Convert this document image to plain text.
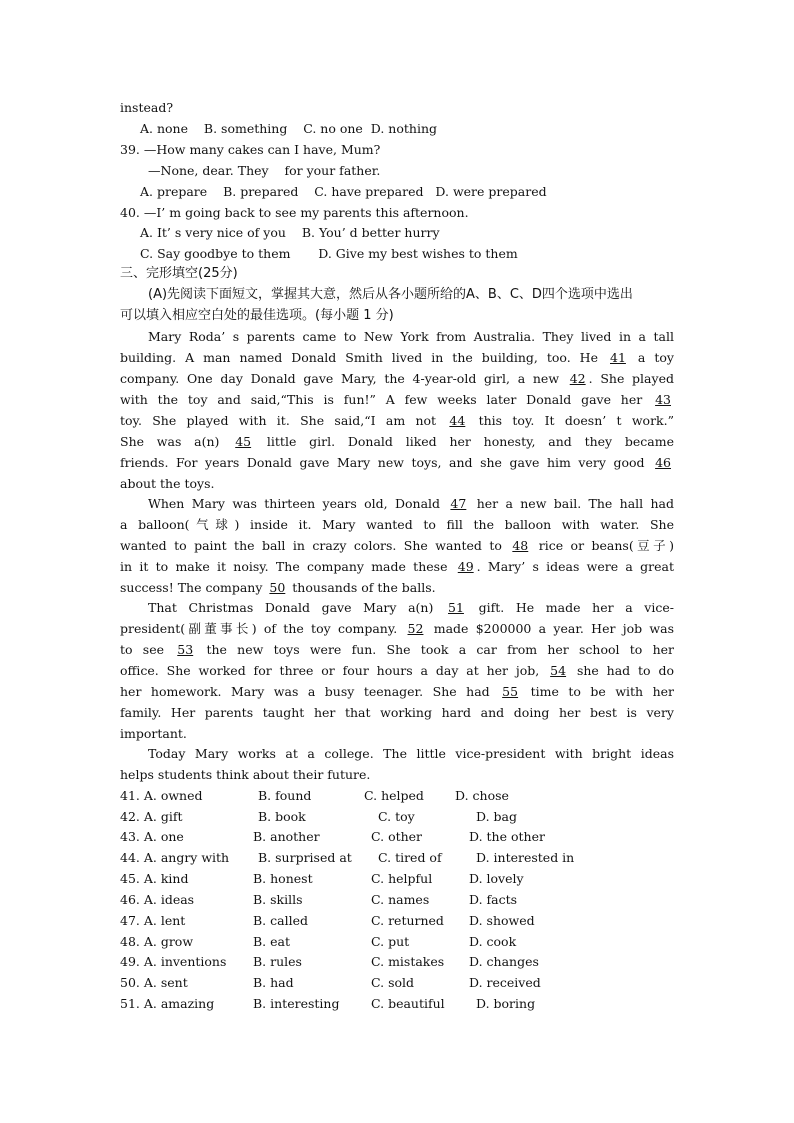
instead?
A. none    B. something    C. no one  D. nothing
39. —How many cakes can I have, Mum?
—None, dear. They    for your father.
A. prepare    B. prepared    C. have prepared   D. were prepared
40. —I’ m going back to see my parents this afternoon.
A. It’ s very nice of you    B. You’ d better hurry
C. Say goodbye to them       D. Give my best wishes to them
三、完形填空(25分)
(A)先阅读下面短文，掌握其大意，然后从各小题所给的A、B、C、D四个选项中选出
可以填入相应空白处的最佳选项。(每小题 1 分)
Mary Roda’ s parents came to New York from Australia. They lived in a tall
building. A man named Donald Smith lived in the building, too. He 41 a toy
company. One day Donald gave Mary, the 4-year-old girl, a new 42 . She played
with the toy and said,“This is fun!” A few weeks later Donald gave her 43
toy. She played with it. She said,“I am not 44 this toy. It doesn’ t work.”
She was a(n) 45 little girl. Donald liked her honesty, and they became
friends. For years Donald gave Mary new toys, and she gave him very good 46
about the toys.
When Mary was thirteen years old, Donald 47 her a new bail. The hall had
a balloon(气球) inside it. Mary wanted to fill the balloon with water. She
wanted to paint the ball in crazy colors. She wanted to 48 rice or beans(豆子)
in it to make it noisy. The company made these 49 . Mary’ s ideas were a great
success! The company 50 thousands of the balls.
That Christmas Donald gave Mary a(n) 51 gift. He made her a vice-
president(副董事长) of the toy company. 52 made $200000 a year. Her job was
to see 53 the new toys were fun. She took a car from her school to her
office. She worked for three or four hours a day at her job, 54 she had to do
her homework. Mary was a busy teenager. She had 55 time to be with her
family. Her parents taught her that working hard and doing her best is very
important.
Today Mary works at a college. The little vice-president with bright ideas
helps students think about their future.
41. A. owned	B. found	C. helped D. chose
42. A. gift	B. book	C. toy	D. bag
43. A. one	B. another	C. other	D. the other
44. A. angry with B. surprised at C. tired of	D. interested in
45. A. kind	B. honest	C. helpful	D. lovely
46. A. ideas	B. skills	C. names	D. facts
47. A. lent	B. called	C. returned D. showed
48. A. grow	B. eat	C. put	D. cook
49. A. inventions B. rules	C. mistakes D. changes
50. A. sent	B. had	C. sold	D. received
51. A. amazing	B. interesting	C. beautiful	D. boring
